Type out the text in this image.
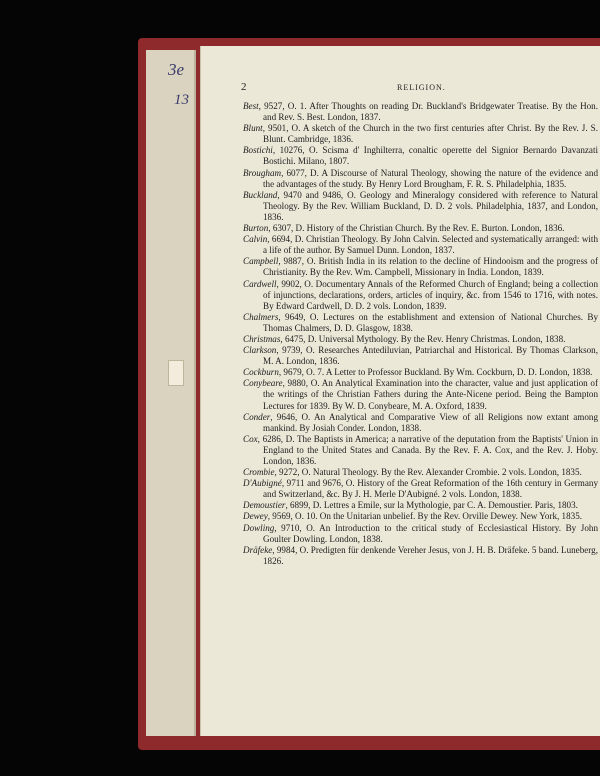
3e
13
2	RELIGION.

Best, 9527, O. 1. After Thoughts on reading Dr. Buckland's Bridgewater Treatise. By the Hon. and Rev. S. Best. London, 1837.

Blunt, 9501, O. A sketch of the Church in the two first centuries after Christ. By the Rev. J. S. Blunt. Cambridge, 1836.

Bostichi, 10276, O. Scisma d' Inghilterra, conaltic operette del Signior Bernardo Davanzati Bostichi. Milano, 1807.

Brougham, 6077, D. A Discourse of Natural Theology, showing the nature of the evidence and the advantages of the study. By Henry Lord Brougham, F. R. S. Philadelphia, 1835.

Buckland, 9470 and 9486, O. Geology and Mineralogy considered with reference to Natural Theology. By the Rev. William Buckland, D. D. 2 vols. Philadelphia, 1837, and London, 1836.

Burton, 6307, D. History of the Christian Church. By the Rev. E. Burton. London, 1836.

Calvin, 6694, D. Christian Theology. By John Calvin. Selected and systematically arranged: with a life of the author. By Samuel Dunn. London, 1837.

Campbell, 9887, O. British India in its relation to the decline of Hindooism and the progress of Christianity. By the Rev. Wm. Campbell, Missionary in India. London, 1839.

Cardwell, 9902, O. Documentary Annals of the Reformed Church of England; being a collection of injunctions, declarations, orders, articles of inquiry, &c. from 1546 to 1716, with notes. By Edward Cardwell, D. D. 2 vols. London, 1839.

Chalmers, 9649, O. Lectures on the establishment and extension of National Churches. By Thomas Chalmers, D. D. Glasgow, 1838.

Christmas, 6475, D. Universal Mythology. By the Rev. Henry Christmas. London, 1838.

Clarkson, 9739, O. Researches Antediluvian, Patriarchal and Historical. By Thomas Clarkson, M. A. London, 1836.

Cockburn, 9679, O. 7. A Letter to Professor Buckland. By Wm. Cockburn, D. D. London, 1838.

Conybeare, 9880, O. An Analytical Examination into the character, value and just application of the writings of the Christian Fathers during the Ante-Nicene period. Being the Bampton Lectures for 1839. By W. D. Conybeare, M. A. Oxford, 1839.

Conder, 9646, O. An Analytical and Comparative View of all Religions now extant among mankind. By Josiah Conder. London, 1838.

Cox, 6286, D. The Baptists in America; a narrative of the deputation from the Baptists' Union in England to the United States and Canada. By the Rev. F. A. Cox, and the Rev. J. Hoby. London, 1836.

Crombie, 9272, O. Natural Theology. By the Rev. Alexander Crombie. 2 vols. London, 1835.

D'Aubigné, 9711 and 9676, O. History of the Great Reformation of the 16th century in Germany and Switzerland, &c. By J. H. Merle D'Aubigné. 2 vols. London, 1838.

Demoustier, 6899, D. Lettres a Emile, sur la Mythologie, par C. A. Demoustier. Paris, 1803.

Dewey, 9569, O. 10. On the Unitarian unbelief. By the Rev. Orville Dewey. New York, 1835.

Dowling, 9710, O. An Introduction to the critical study of Ecclesiastical History. By John Goulter Dowling. London, 1838.

Dräfeke, 9984, O. Predigten für denkende Vereher Jesus, von J. H. B. Dräfeke. 5 band. Luneberg, 1826.
